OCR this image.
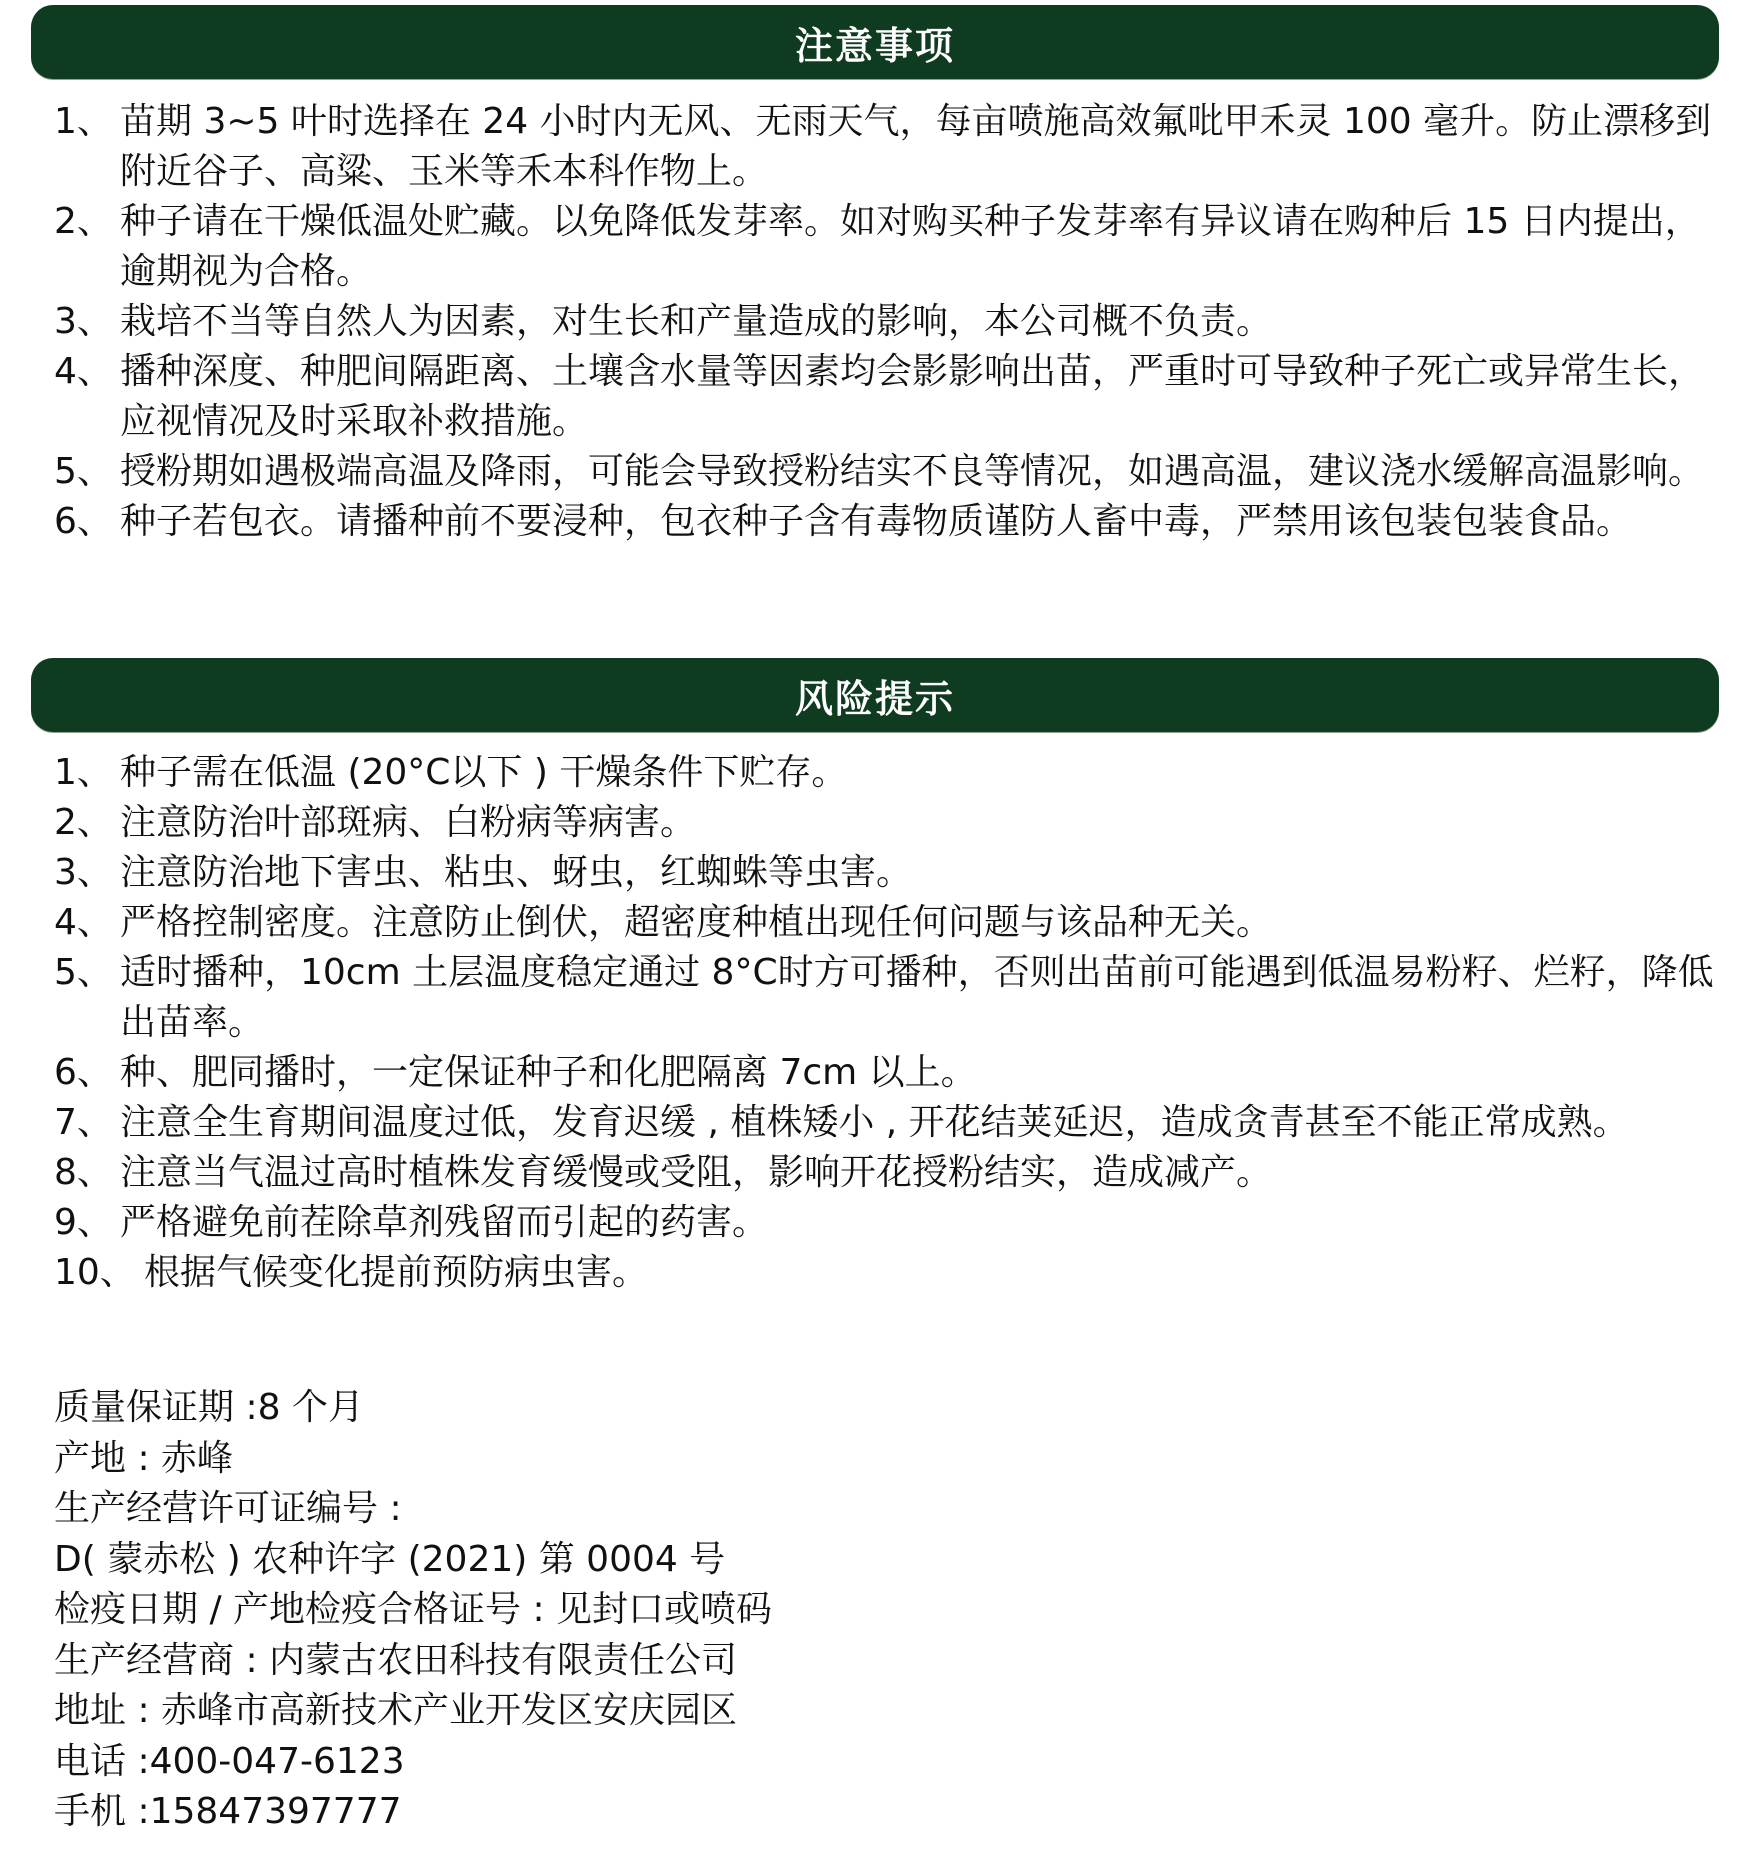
注意事项
1、 苗期 3~5 叶时选择在 24 小时内无风、无雨天气，每亩喷施高效氟吡甲禾灵 100 毫升。防止漂移到附近谷子、高粱、玉米等禾本科作物上。
2、 种子请在干燥低温处贮藏。以免降低发芽率。如对购买种子发芽率有异议请在购种后 15 日内提出，逾期视为合格。
3、 栽培不当等自然人为因素，对生长和产量造成的影响，本公司概不负责。
4、 播种深度、种肥间隔距离、土壤含水量等因素均会影影响出苗，严重时可导致种子死亡或异常生长，应视情况及时采取补救措施。
5、 授粉期如遇极端高温及降雨，可能会导致授粉结实不良等情况，如遇高温，建议浇水缓解高温影响。
6、 种子若包衣。请播种前不要浸种，包衣种子含有毒物质谨防人畜中毒，严禁用该包装包装食品。
风险提示
1、 种子需在低温 (20°C以下 ) 干燥条件下贮存。
2、 注意防治叶部斑病、白粉病等病害。
3、 注意防治地下害虫、粘虫、蚜虫，红蜘蛛等虫害。
4、 严格控制密度。注意防止倒伏，超密度种植出现任何问题与该品种无关。
5、 适时播种，10cm 土层温度稳定通过 8°C时方可播种，否则出苗前可能遇到低温易粉籽、烂籽，降低出苗率。
6、 种、肥同播时，一定保证种子和化肥隔离 7cm 以上。
7、 注意全生育期间温度过低，发育迟缓 , 植株矮小 , 开花结荚延迟，造成贪青甚至不能正常成熟。
8、 注意当气温过高时植株发育缓慢或受阻，影响开花授粉结实，造成减产。
9、 严格避免前茬除草剂残留而引起的药害。
10、 根据气候变化提前预防病虫害。
质量保证期 :8 个月
产地 : 赤峰
生产经营许可证编号 :
D( 蒙赤松 ) 农种许字 (2021) 第 0004 号
检疫日期 / 产地检疫合格证号 : 见封口或喷码
生产经营商 : 内蒙古农田科技有限责任公司
地址 : 赤峰市高新技术产业开发区安庆园区
电话 :400-047-6123
手机 :15847397777
